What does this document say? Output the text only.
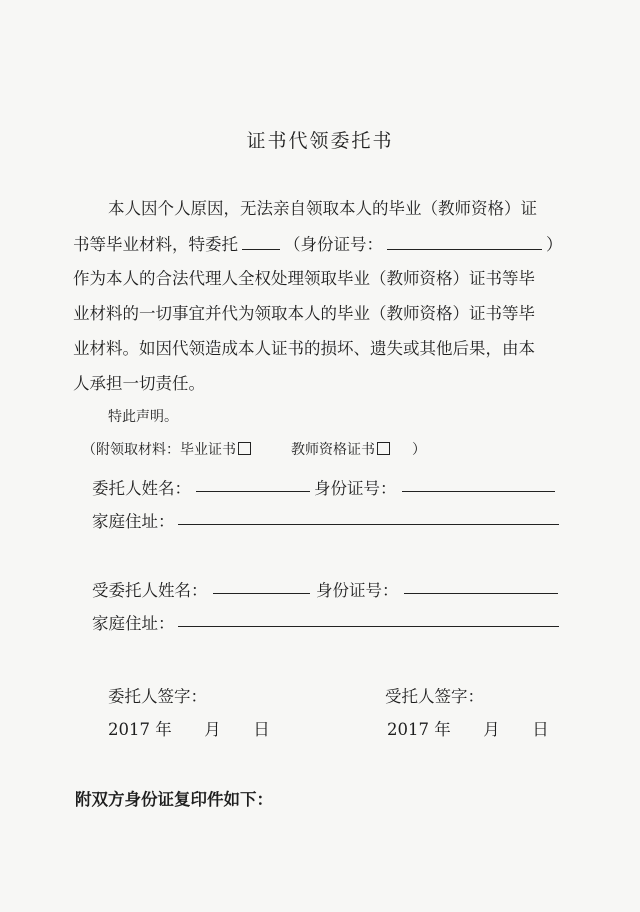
证书代领委托书
本人因个人原因，无法亲自领取本人的毕业（教师资格）证
书等毕业材料，特委托	（身份证号：	）
作为本人的合法代理人全权处理领取毕业（教师资格）证书等毕
业材料的一切事宜并代为领取本人的毕业（教师资格）证书等毕
业材料。如因代领造成本人证书的损坏、遗失或其他后果，由本
人承担一切责任。
特此声明。
（附领取材料：毕业证书	教师资格证书	）
委托人姓名：	身份证号：
家庭住址：
受委托人姓名：	身份证号：
家庭住址：
委托人签字：	受托人签字：
2017 年 月 日	2017 年 月 日
附双方身份证复印件如下：
